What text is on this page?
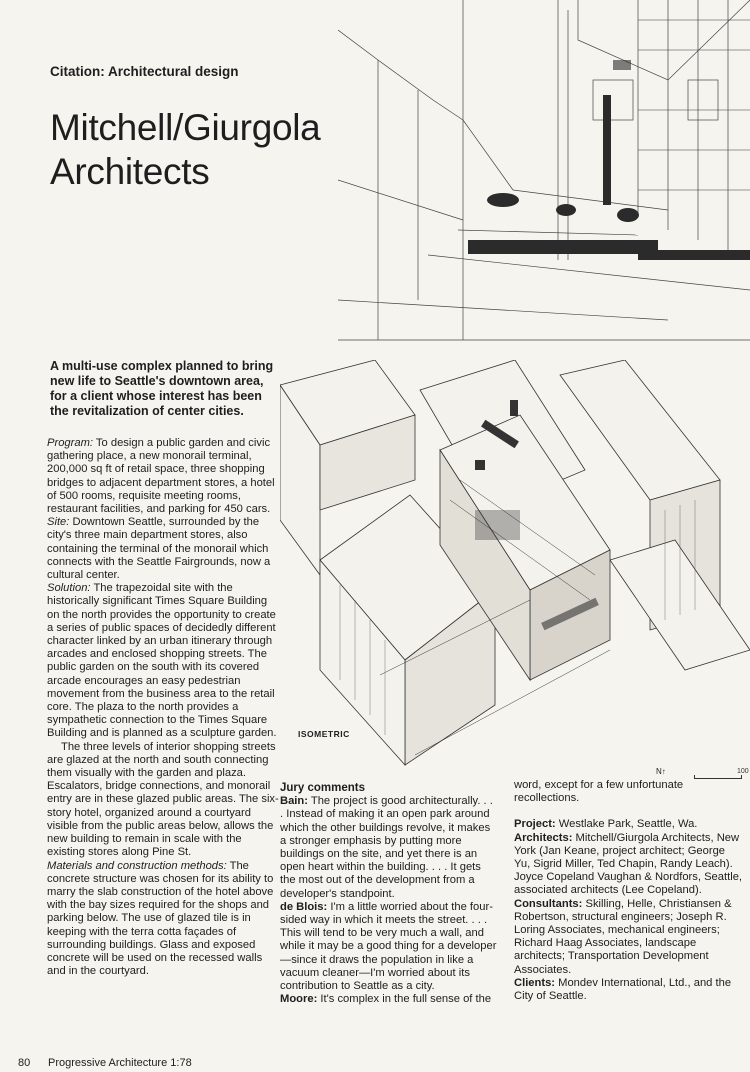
Citation: Architectural design
Mitchell/Giurgola
Architects
A multi-use complex planned to bring new life to Seattle's downtown area, for a client whose interest has been the revitalization of center cities.
ISOMETRIC
N↑	100

Program: To design a public garden and civic gathering place, a new monorail terminal, 200,000 sq ft of retail space, three shopping bridges to adjacent department stores, a hotel of 500 rooms, requisite meeting rooms, restaurant facilities, and parking for 450 cars.

Site: Downtown Seattle, surrounded by the city's three main department stores, also containing the terminal of the monorail which connects with the Seattle Fairgrounds, now a cultural center.

Solution: The trapezoidal site with the historically significant Times Square Building on the north provides the opportunity to create a series of public spaces of decidedly different character linked by an urban itinerary through arcades and enclosed shopping streets. The public garden on the south with its covered arcade encourages an easy pedestrian movement from the business area to the retail core. The plaza to the north provides a sympathetic connection to the Times Square Building and is planned as a sculpture garden.

The three levels of interior shopping streets are glazed at the north and south connecting them visually with the garden and plaza. Escalators, bridge connections, and monorail entry are in these glazed public areas. The six-story hotel, organized around a courtyard visible from the public areas below, allows the new building to remain in scale with the existing stores along Pine St.

Materials and construction methods: The concrete structure was chosen for its ability to marry the slab construction of the hotel above with the bay sizes required for the shops and parking below. The use of glazed tile is in keeping with the terra cotta façades of surrounding buildings. Glass and exposed concrete will be used on the recessed walls and in the courtyard.

Jury comments

Bain: The project is good architecturally. . . . Instead of making it an open park around which the other buildings revolve, it makes a stronger emphasis by putting more buildings on the site, and yet there is an open heart within the building. . . . It gets the most out of the development from a developer's standpoint.

de Blois: I'm a little worried about the four-sided way in which it meets the street. . . . This will tend to be very much a wall, and while it may be a good thing for a developer—since it draws the population in like a vacuum cleaner—I'm worried about its contribution to Seattle as a city.

Moore: It's complex in the full sense of the

word, except for a few unfortunate recollections.

Project: Westlake Park, Seattle, Wa.

Architects: Mitchell/Giurgola Architects, New York (Jan Keane, project architect; George Yu, Sigrid Miller, Ted Chapin, Randy Leach). Joyce Copeland Vaughan & Nordfors, Seattle, associated architects (Lee Copeland).

Consultants: Skilling, Helle, Christiansen & Robertson, structural engineers; Joseph R. Loring Associates, mechanical engineers; Richard Haag Associates, landscape architects; Transportation Development Associates.

Clients: Mondev International, Ltd., and the City of Seattle.

80 Progressive Architecture 1:78
